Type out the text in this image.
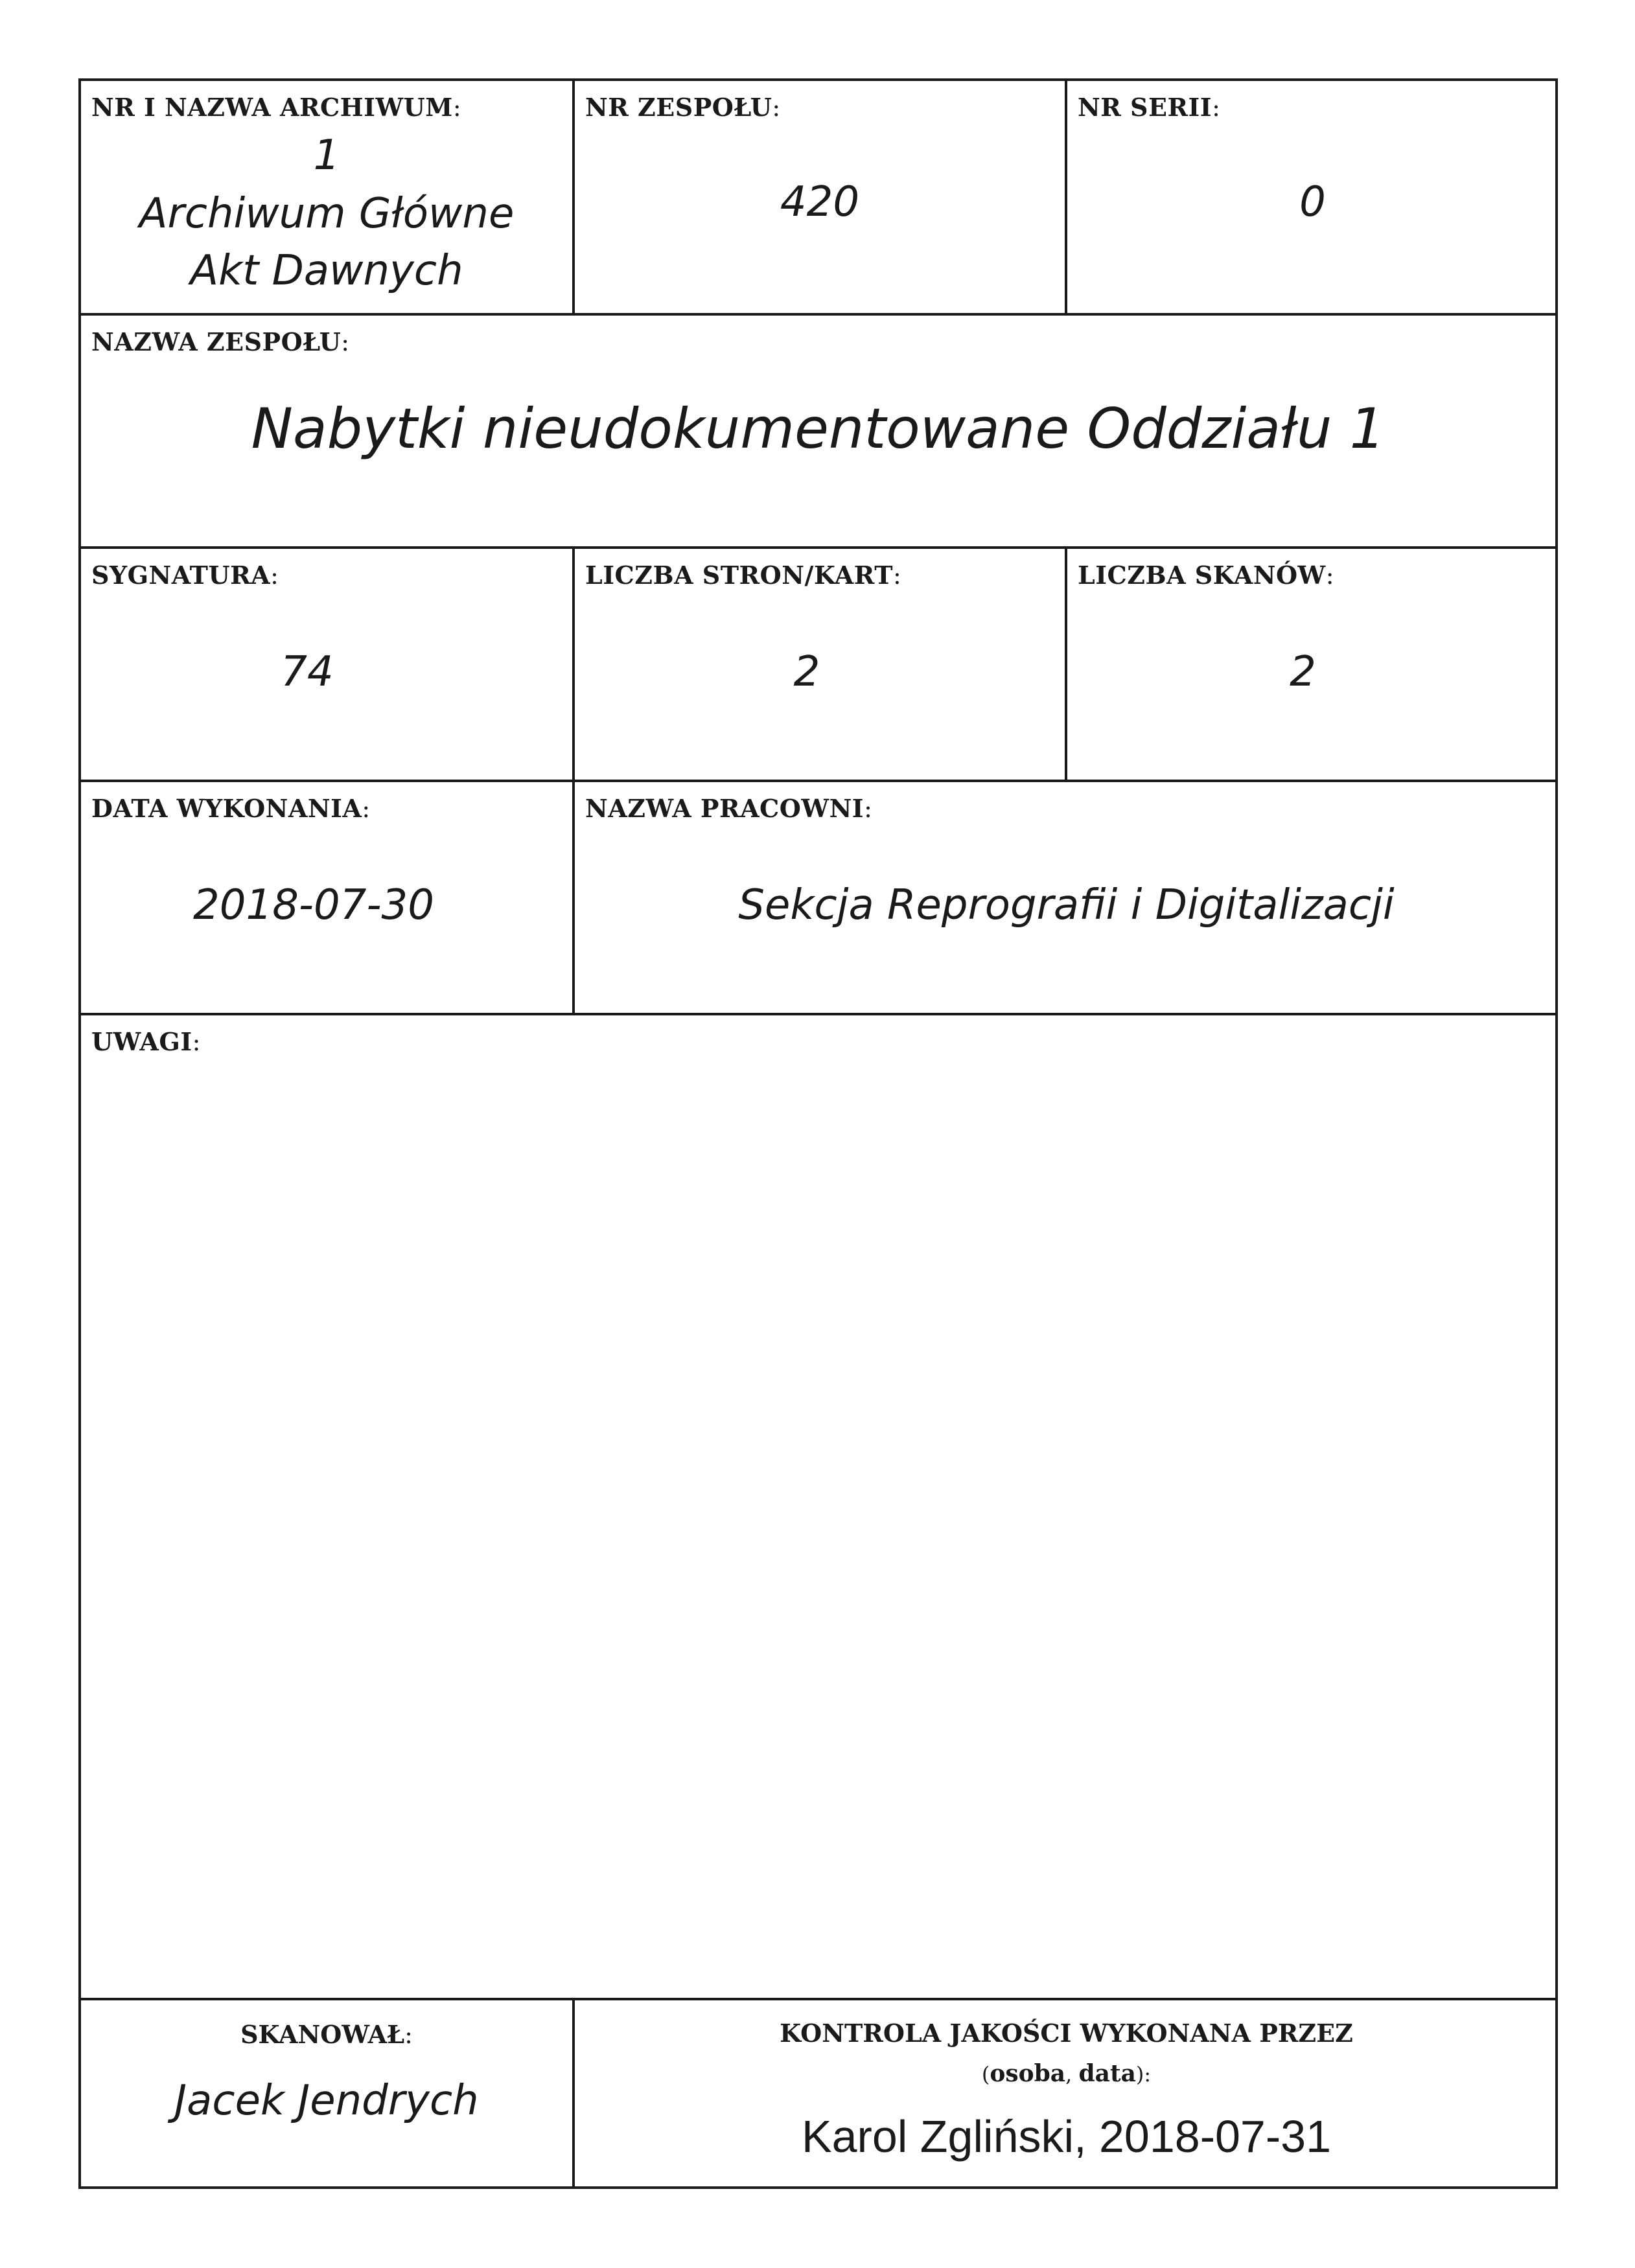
NR I NAZWA ARCHIWUM:
1
Archiwum Główne
Akt Dawnych
NR ZESPOŁU:
420
NR SERII:
0
NAZWA ZESPOŁU:
Nabytki nieudokumentowane Oddziału 1
SYGNATURA:
74
LICZBA STRON/KART:
2
LICZBA SKANÓW:
2
DATA WYKONANIA:
2018-07-30
NAZWA PRACOWNI:
Sekcja Reprografii i Digitalizacji
UWAGI:
SKANOWAŁ:
Jacek Jendrych
KONTROLA JAKOŚCI WYKONANA PRZEZ
(osoba, data):
Karol Zgliński, 2018-07-31
